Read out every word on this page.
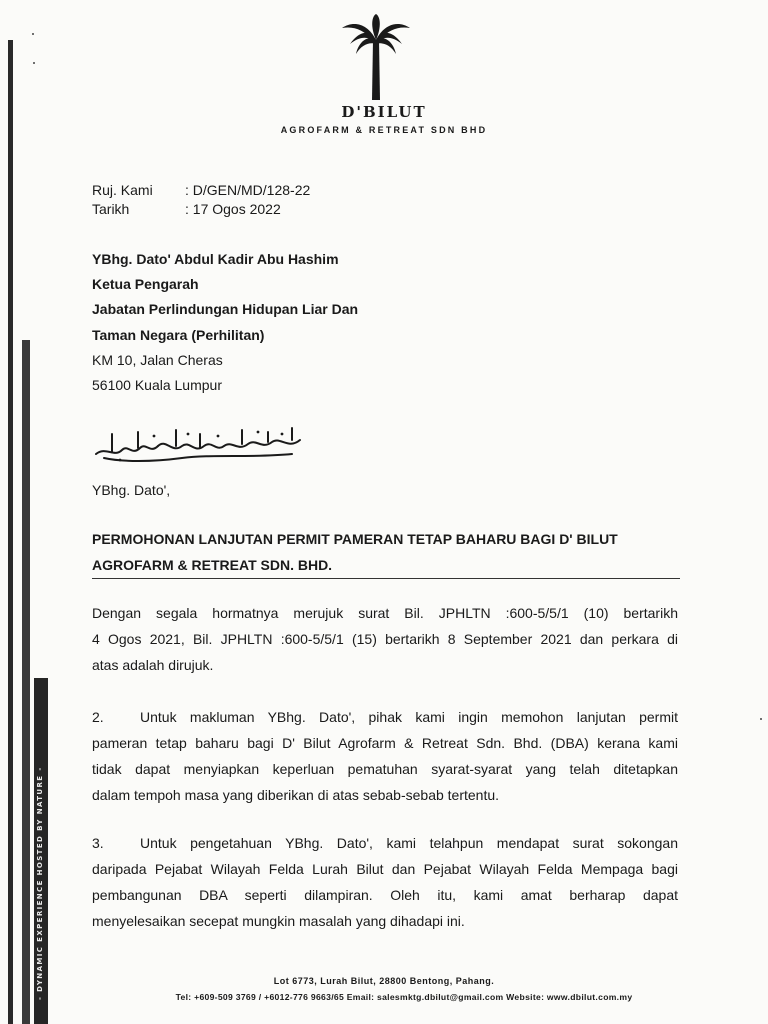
- DYNAMIC EXPERIENCE HOSTED BY NATURE -
D'BILUT
AGROFARM & RETREAT SDN BHD
Ruj. Kami : D/GEN/MD/128-22
Tarikh	: 17 Ogos 2022
YBhg. Dato' Abdul Kadir Abu Hashim
Ketua Pengarah
Jabatan Perlindungan Hidupan Liar Dan
Taman Negara (Perhilitan)
KM 10, Jalan Cheras
56100 Kuala Lumpur
YBhg. Dato',
PERMOHONAN LANJUTAN PERMIT PAMERAN TETAP BAHARU BAGI D' BILUT
AGROFARM & RETREAT SDN. BHD.
Dengan segala hormatnya merujuk surat Bil. JPHLTN :600-5/5/1 (10) bertarikh
4 Ogos 2021, Bil. JPHLTN :600-5/5/1 (15) bertarikh 8 September 2021 dan perkara di
atas adalah dirujuk.
2.	Untuk makluman YBhg. Dato', pihak kami ingin memohon lanjutan permit
pameran tetap baharu bagi D' Bilut Agrofarm & Retreat Sdn. Bhd. (DBA) kerana kami
tidak dapat menyiapkan keperluan pematuhan syarat-syarat yang telah ditetapkan
dalam tempoh masa yang diberikan di atas sebab-sebab tertentu.
3.	Untuk pengetahuan YBhg. Dato', kami telahpun mendapat surat sokongan
daripada Pejabat Wilayah Felda Lurah Bilut dan Pejabat Wilayah Felda Mempaga bagi
pembangunan DBA seperti dilampiran. Oleh itu, kami amat berharap dapat
menyelesaikan secepat mungkin masalah yang dihadapi ini.
Lot 6773, Lurah Bilut, 28800 Bentong, Pahang.
Tel: +609-509 3769 / +6012-776 9663/65 Email: salesmktg.dbilut@gmail.com Website: www.dbilut.com.my
